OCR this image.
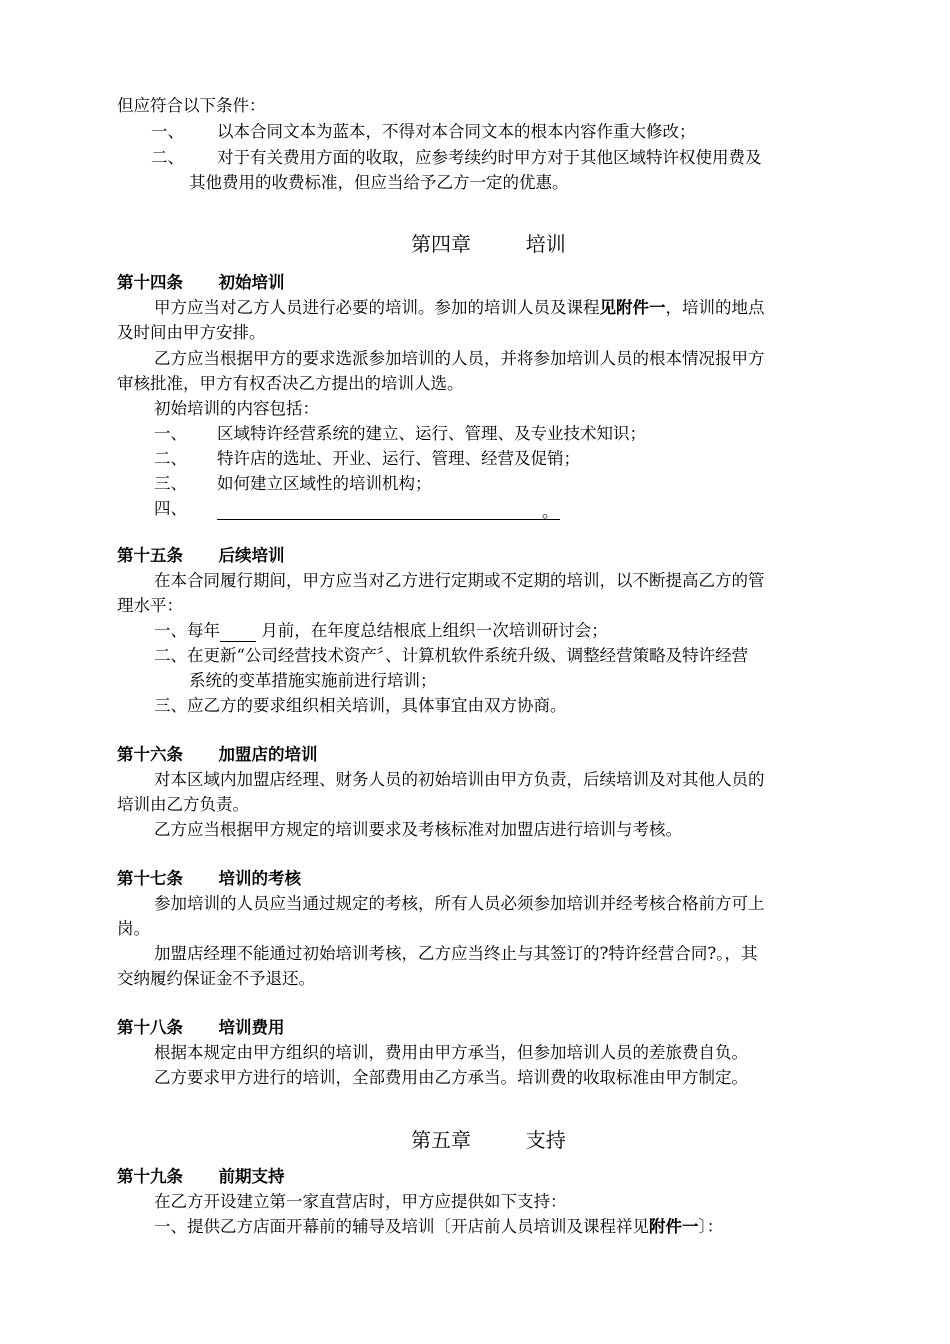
但应符合以下条件：
一、 以本合同文本为蓝本，不得对本合同文本的根本内容作重大修改；
二、 对于有关费用方面的收取，应参考续约时甲方对于其他区域特许权使用费及
其他费用的收费标准，但应当给予乙方一定的优惠。
第四章	培训
第十四条 初始培训
甲方应当对乙方人员进行必要的培训。参加的培训人员及课程见附件一，培训的地点
及时间由甲方安排。
乙方应当根据甲方的要求选派参加培训的人员，并将参加培训人员的根本情况报甲方
审核批准，甲方有权否决乙方提出的培训人选。
初始培训的内容包括：
一、 区域特许经营系统的建立、运行、管理、及专业技术知识；
二、 特许店的选址、开业、运行、管理、经营及促销；
三、 如何建立区域性的培训机构；
四、	。
第十五条 后续培训
在本合同履行期间，甲方应当对乙方进行定期或不定期的培训，以不断提高乙方的管
理水平：
一、每年 月前，在年度总结根底上组织一次培训研讨会；
二、在更新“公司经营技术资产〞、计算机软件系统升级、调整经营策略及特许经营
系统的变革措施实施前进行培训；
三、应乙方的要求组织相关培训，具体事宜由双方协商。
第十六条 加盟店的培训
对本区域内加盟店经理、财务人员的初始培训由甲方负责，后续培训及对其他人员的
培训由乙方负责。
乙方应当根据甲方规定的培训要求及考核标准对加盟店进行培训与考核。
第十七条 培训的考核
参加培训的人员应当通过规定的考核，所有人员必须参加培训并经考核合格前方可上
岗。
加盟店经理不能通过初始培训考核，乙方应当终止与其签订的?特许经营合同?。，其
交纳履约保证金不予退还。
第十八条 培训费用
根据本规定由甲方组织的培训，费用由甲方承当，但参加培训人员的差旅费自负。
乙方要求甲方进行的培训，全部费用由乙方承当。培训费的收取标准由甲方制定。
第五章	支持
第十九条 前期支持
在乙方开设建立第一家直营店时，甲方应提供如下支持：
一、提供乙方店面开幕前的辅导及培训〔开店前人员培训及课程祥见附件一〕：
